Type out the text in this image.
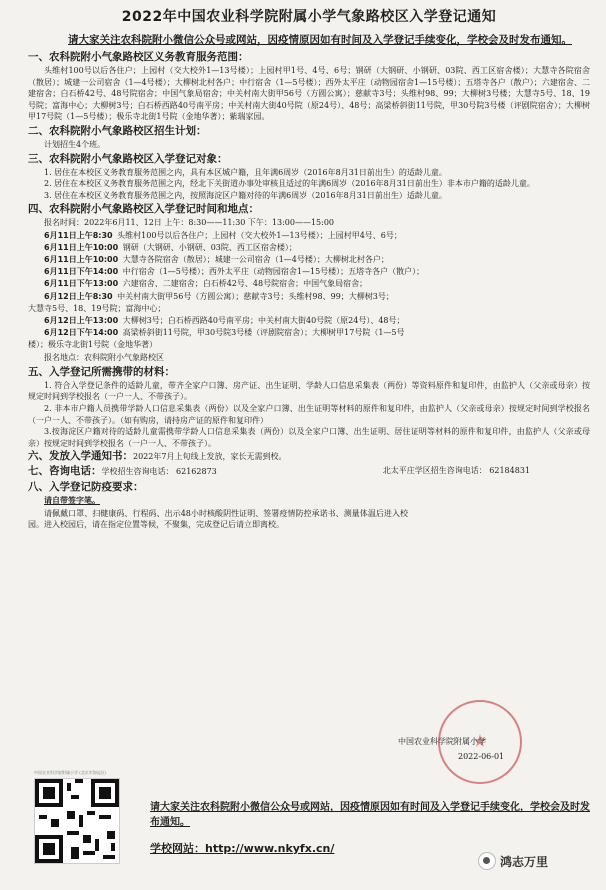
2022年中国农业科学院附属小学气象路校区入学登记通知
请大家关注农科院附小微信公众号或网站，因疫情原因如有时间及入学登记手续变化，学校会及时发布通知。
一、农科院附小气象路校区义务教育服务范围：

头维村100号以后各住户；上园村（交大校外1—13号楼）；上园村甲1号、4号、6号；钢研（大钢研、小钢研、03院、西工区宿舍楼）；大慧寺各院宿舍（散居）；城建一公司宿舍（1—4号楼）；大柳树北村各户；中行宿舍（1—5号楼）；西外太平庄（动物园宿舍1—15号楼）；五塔寺各户（散户）；六建宿舍、二建宿舍；白石桥42号、48号院宿舍；中国气象局宿舍；中关村南大街甲56号（方圆公寓）；慈献寺3号；头维村98、99；大柳树3号楼；大慧寺5号、18、19号院；富海中心；大柳树3号；白石桥西路40号南平房；中关村南大街40号院（原24号）、48号；高梁桥斜街11号院，甲30号院3号楼（评剧院宿舍）；大柳树甲17号院（1—5号楼）；极乐寺北街1号院（金地华著）；紫瑞家园。

二、农科院附小气象路校区招生计划：

计划招生4个班。

三、农科院附小气象路校区入学登记对象：

1. 居住在本校区义务教育服务范围之内，具有本区城户籍，且年满6周岁（2016年8月31日前出生）的适龄儿童。

2. 居住在本校区义务教育服务范围之内，经北下关街道办事处审核且适过的年满6周岁（2016年8月31日前出生）非本市户籍的适龄儿童。

3. 居住在本校区义务教育服务范围之内，按照海淀区户籍对待的年满6周岁（2016年8月31日前出生）适龄儿童。

四、农科院附小气象路校区入学登记时间和地点：
报名时间：2022年6月11、12日 上午：8:30——11:30 下午：13:00——15:00
6月11日上午8:30 头维村100号以后各住户；上园村（交大校外1—13号楼）；上园村甲4号、6号；
6月11日上午10:00 钢研（大钢研、小钢研、03院、西工区宿舍楼）；
6月11日上午10:00 大慧寺各院宿舍（散居）；城建一公司宿舍（1—4号楼）；大柳树北村各户；
6月11日下午14:00 中行宿舍（1—5号楼）；西外太平庄（动物园宿舍1—15号楼）；五塔寺各户（散户）；
6月11日下午13:00 六建宿舍、二建宿舍；白石桥42号、48号院宿舍；中国气象局宿舍；
6月12日上午8:30 中关村南大街甲56号（方圆公寓）；慈献寺3号；头维村98、99；大柳树3号；
大慧寺5号、18、19号院；富海中心；
6月12日上午13:00 大柳树3号；白石桥西路40号南平房；中关村南大街40号院（原24号）、48号；
6月12日下午14:00 高梁桥斜街11号院，甲30号院3号楼（评剧院宿舍）；大柳树甲17号院（1—5号
楼）；极乐寺北街1号院（金地华著）
报名地点：农科院附小气象路校区
五、入学登记所需携带的材料：

1. 符合入学登记条件的适龄儿童，带齐全家户口簿、房产证、出生证明、学龄人口信息采集表（两份）等资料原件和复印件，由监护人（父亲或母亲）按规定时间到学校报名（一户一人、不带孩子）。

2. 非本市户籍人员携带学龄人口信息采集表（两份）以及全家户口簿、出生证明等材料的原件和复印件，由监护人（父亲或母亲）按规定时间到学校报名（一户一人、不带孩子）。（如有购房，请持房产证的原件和复印件）

3.按海淀区户籍对待的适龄儿童需携带学龄人口信息采集表（两份）以及全家户口簿、出生证明、居住证明等材料的原件和复印件，由监护人（父亲或母亲）按规定时间到学校报名（一户一人、不带孩子）。

六、发放入学通知书：2022年7月上旬线上发放，家长无需到校。
七、咨询电话：学校招生咨询电话： 62162873	北太平庄学区招生咨询电话： 62184831
八、入学登记防疫要求：
请自带签字笔。

请佩戴口罩、扫健康码、行程码、出示48小时核酸阴性证明、签署疫情防控承诺书、测量体温后进入校园。进入校园后，请在指定位置等候，不聚集，完成登记后请立即离校。

中国农业科学院附属小学
2022-06-01
中国农业科学院附属小学 (北京市海淀区)
请大家关注农科院附小微信公众号或网站，因疫情原因如有时间及入学登记手续变化，学校会及时发布通知。
学校网站：http://www.nkyfx.cn/
鸿志万里
